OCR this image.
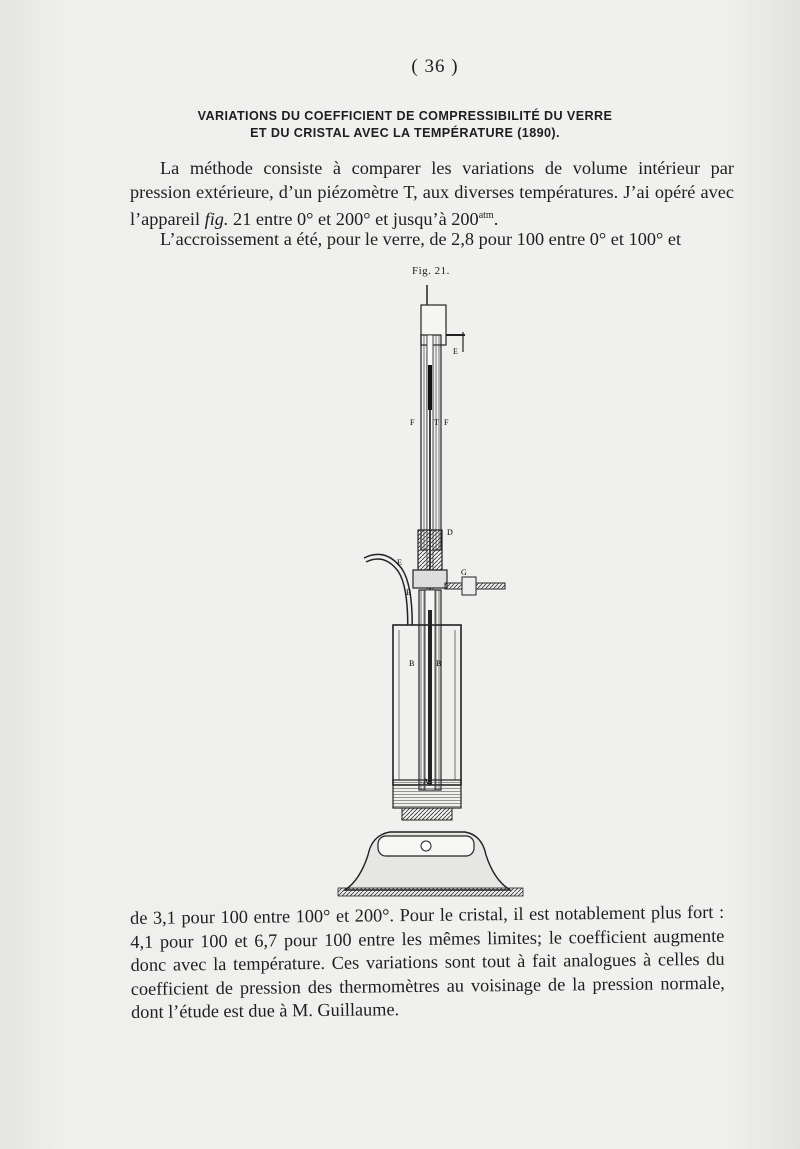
( 36 )
VARIATIONS DU COEFFICIENT DE COMPRESSIBILITÉ DU VERRE
ET DU CRISTAL AVEC LA TEMPÉRATURE (1890).
La méthode consiste à comparer les variations de volume intérieur par pression extérieure, d’un piézomètre T, aux diverses températures. J’ai opéré avec l’appareil fig. 21 entre 0° et 200° et jusqu’à $200^{atm}$.
L’accroissement a été, pour le verre, de 2,8 pour 100 entre 0° et 100° et
Fig. 21.
E
F T F
D
E
G
B
B	B
A
de 3,1 pour 100 entre 100° et 200°. Pour le cristal, il est notablement plus fort : 4,1 pour 100 et 6,7 pour 100 entre les mêmes limites; le coefficient augmente donc avec la température. Ces variations sont tout à fait analogues à celles du coefficient de pression des thermomètres au voisinage de la pression normale, dont l’étude est due à M. Guillaume.
